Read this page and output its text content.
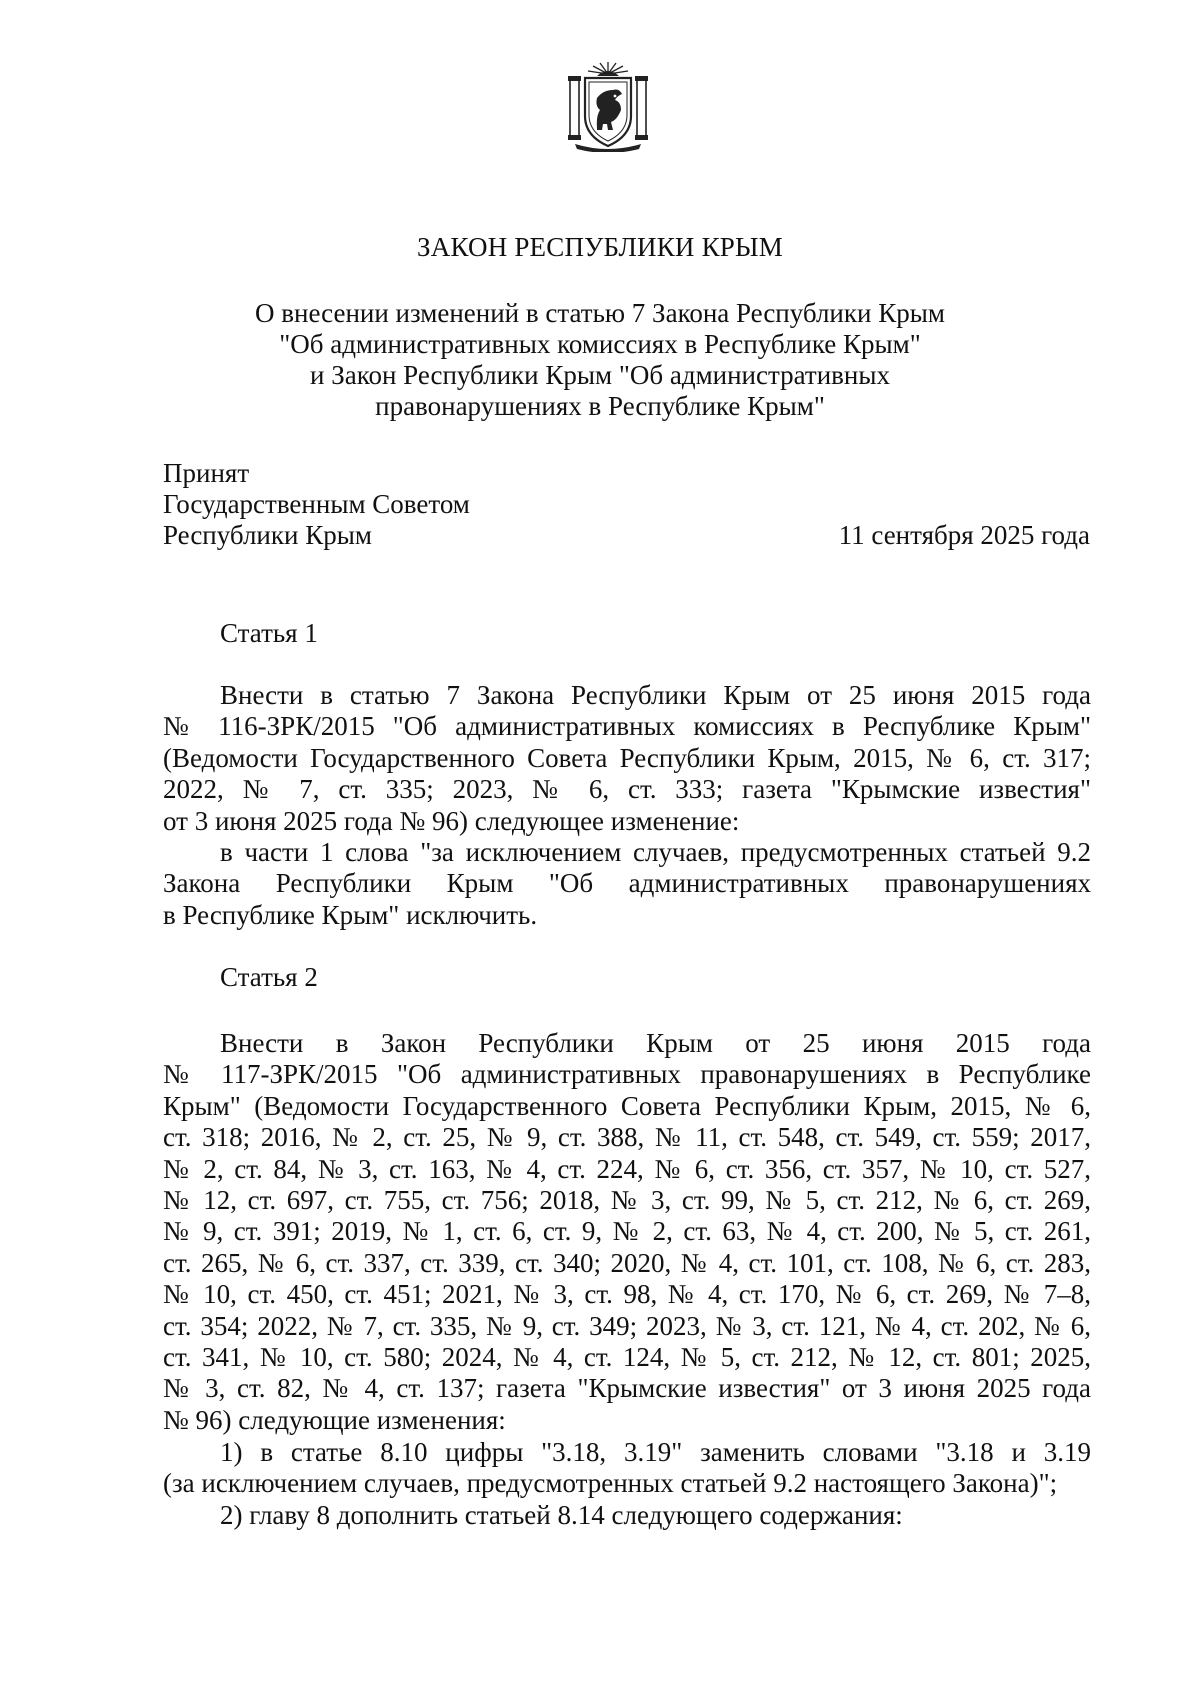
ЗАКОН РЕСПУБЛИКИ КРЫМ
О внесении изменений в статью 7 Закона Республики Крым
"Об административных комиссиях в Республике Крым"
и Закон Республики Крым "Об административных
правонарушениях в Республике Крым"
Принят
Государственным Советом
Республики Крым	11 сентября 2025 года
Статья 1
Внести в статью 7 Закона Республики Крым от 25 июня 2015 года
№ 116-ЗРК/2015 "Об административных комиссиях в Республике Крым"
(Ведомости Государственного Совета Республики Крым, 2015, № 6, ст. 317;
2022, № 7, ст. 335; 2023, № 6, ст. 333; газета "Крымские известия"
от 3 июня 2025 года № 96) следующее изменение:
в части 1 слова "за исключением случаев, предусмотренных статьей 9.2
Закона Республики Крым "Об административных правонарушениях
в Республике Крым" исключить.
Статья 2
Внести в Закон Республики Крым от 25 июня 2015 года
№ 117-ЗРК/2015 "Об административных правонарушениях в Республике
Крым" (Ведомости Государственного Совета Республики Крым, 2015, № 6,
ст. 318; 2016, № 2, ст. 25, № 9, ст. 388, № 11, ст. 548, ст. 549, ст. 559; 2017,
№ 2, ст. 84, № 3, ст. 163, № 4, ст. 224, № 6, ст. 356, ст. 357, № 10, ст. 527,
№ 12, ст. 697, ст. 755, ст. 756; 2018, № 3, ст. 99, № 5, ст. 212, № 6, ст. 269,
№ 9, ст. 391; 2019, № 1, ст. 6, ст. 9, № 2, ст. 63, № 4, ст. 200, № 5, ст. 261,
ст. 265, № 6, ст. 337, ст. 339, ст. 340; 2020, № 4, ст. 101, ст. 108, № 6, ст. 283,
№ 10, ст. 450, ст. 451; 2021, № 3, ст. 98, № 4, ст. 170, № 6, ст. 269, № 7–8,
ст. 354; 2022, № 7, ст. 335, № 9, ст. 349; 2023, № 3, ст. 121, № 4, ст. 202, № 6,
ст. 341, № 10, ст. 580; 2024, № 4, ст. 124, № 5, ст. 212, № 12, ст. 801; 2025,
№ 3, ст. 82, № 4, ст. 137; газета "Крымские известия" от 3 июня 2025 года
№ 96) следующие изменения:
1) в статье 8.10 цифры "3.18, 3.19" заменить словами "3.18 и 3.19
(за исключением случаев, предусмотренных статьей 9.2 настоящего Закона)";
2) главу 8 дополнить статьей 8.14 следующего содержания:
